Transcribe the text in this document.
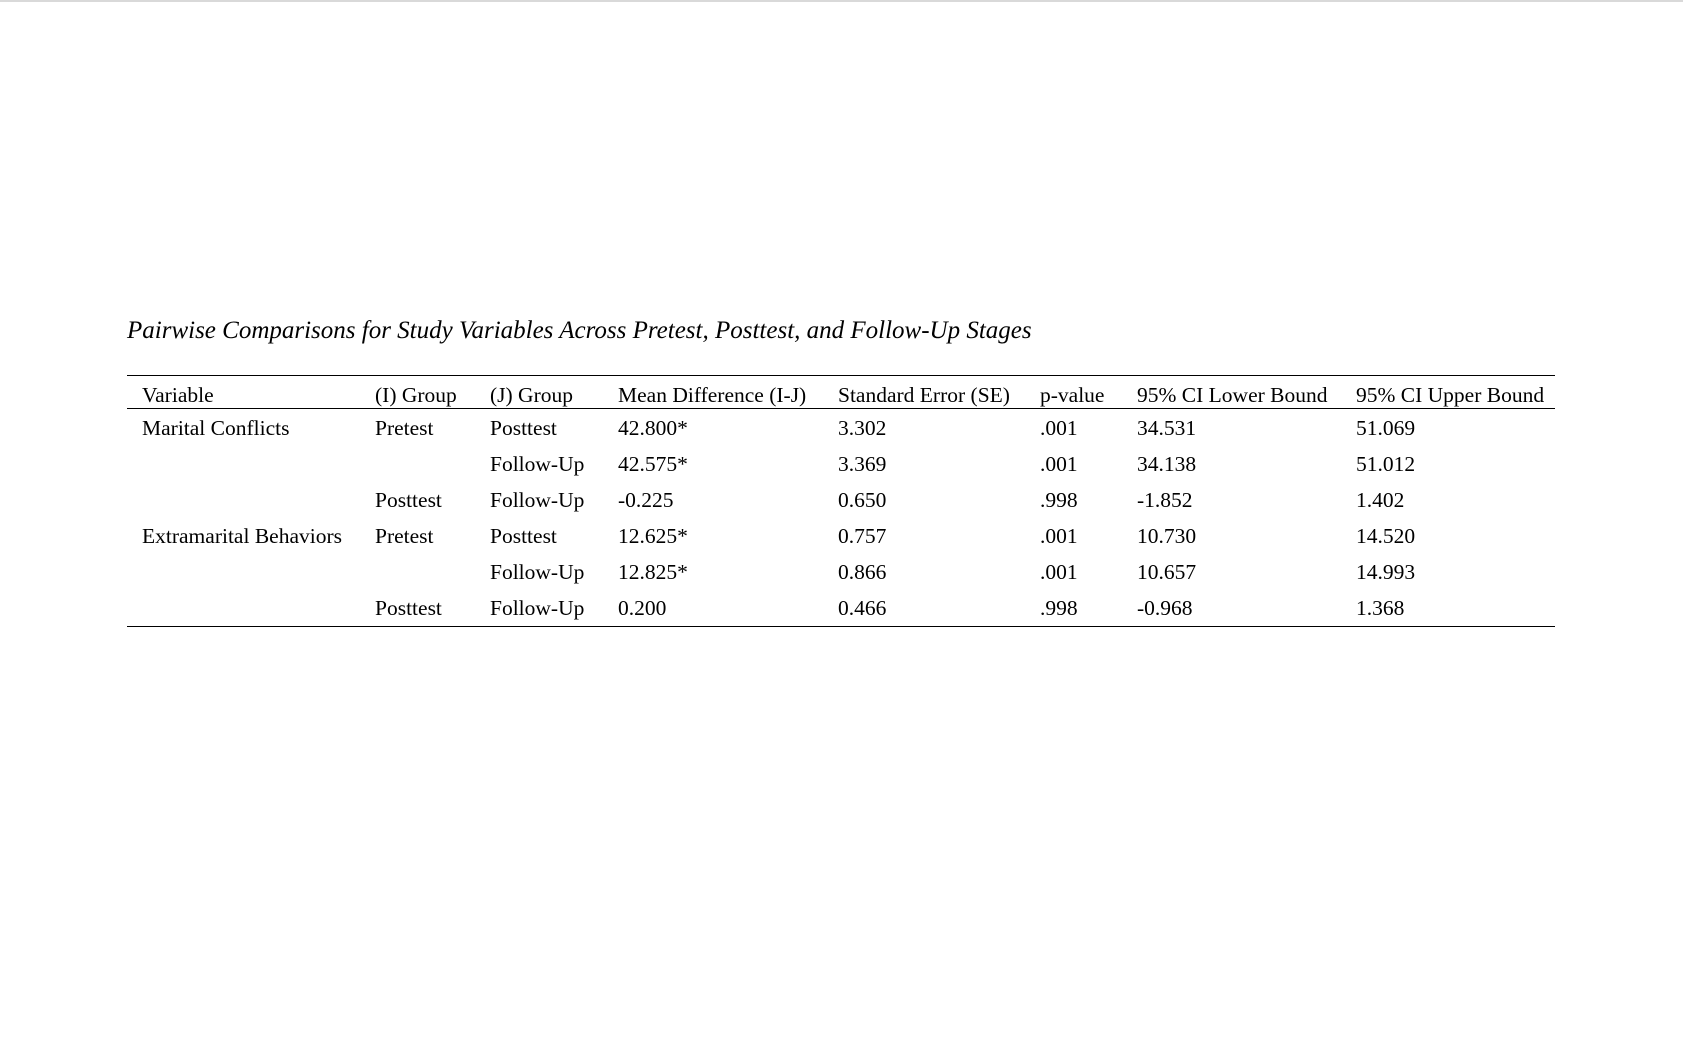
Pairwise Comparisons for Study Variables Across Pretest, Posttest, and Follow-Up Stages
Variable	(I) Group	(J) Group	Mean Difference (I-J)	Standard Error (SE)	p-value	95% CI Lower Bound	95% CI Upper Bound
Marital Conflicts	Pretest	Posttest	42.800*	3.302	.001	34.531	51.069
		Follow-Up	42.575*	3.369	.001	34.138	51.012
	Posttest	Follow-Up	-0.225	0.650	.998	-1.852	1.402
Extramarital Behaviors	Pretest	Posttest	12.625*	0.757	.001	10.730	14.520
		Follow-Up	12.825*	0.866	.001	10.657	14.993
	Posttest	Follow-Up	0.200	0.466	.998	-0.968	1.368
